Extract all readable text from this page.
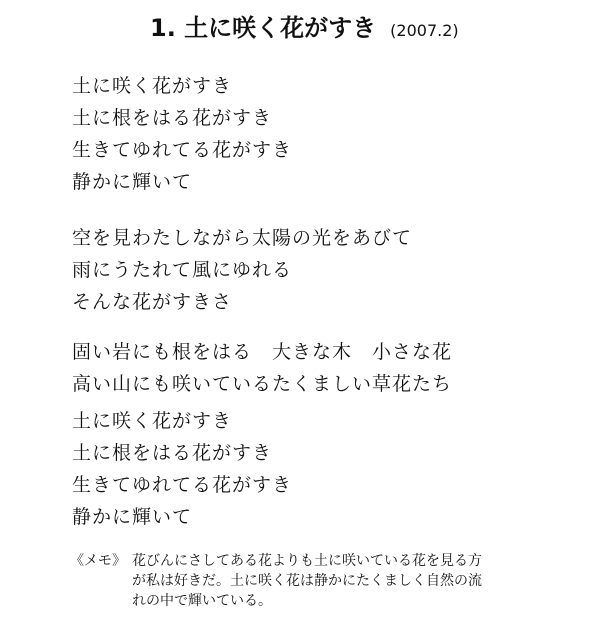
1. 土に咲く花がすき (2007.2)
土に咲く花がすき
土に根をはる花がすき
生きてゆれてる花がすき
静かに輝いて
空を見わたしながら太陽の光をあびて
雨にうたれて風にゆれる
そんな花がすきさ
固い岩にも根をはる　大きな木　小さな花
高い山にも咲いているたくましい草花たち
土に咲く花がすき
土に根をはる花がすき
生きてゆれてる花がすき
静かに輝いて
《メモ》 花びんにさしてある花よりも土に咲いている花を見る方
が私は好きだ。土に咲く花は静かにたくましく自然の流
れの中で輝いている。
